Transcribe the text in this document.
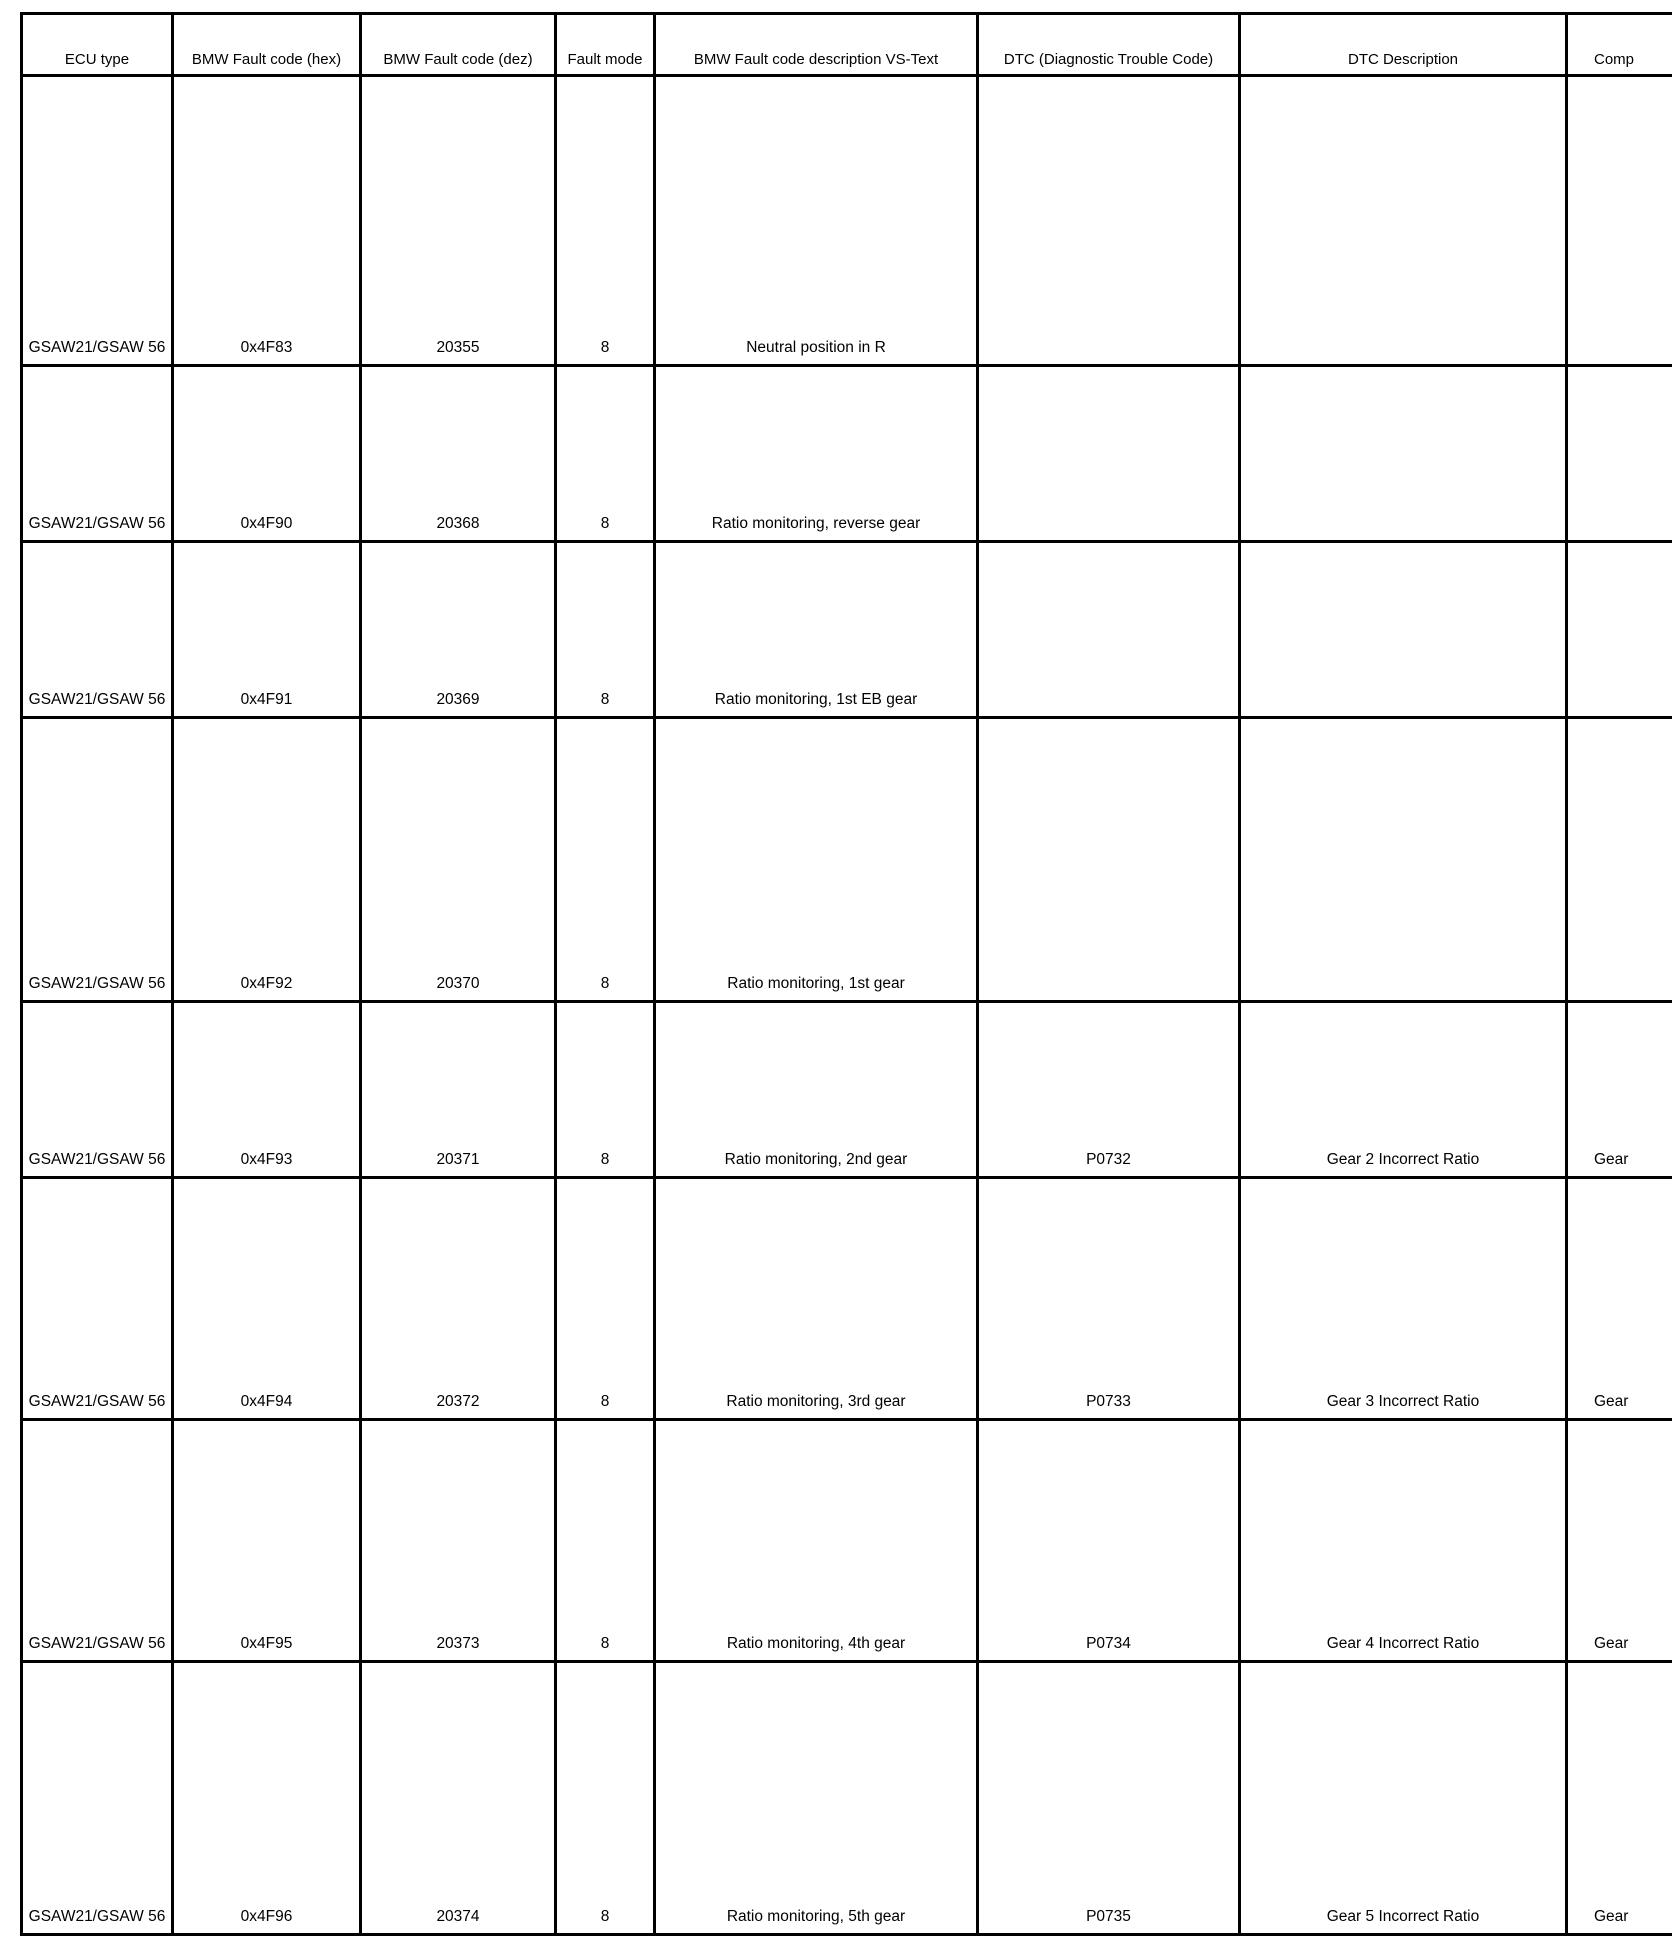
ECU type	BMW Fault code (hex)	BMW Fault code (dez)	Fault mode	BMW Fault code description VS-Text	DTC (Diagnostic Trouble Code)	DTC Description	Comp
GSAW21/GSAW 56	0x4F83	20355	8	Neutral position in R			
GSAW21/GSAW 56	0x4F90	20368	8	Ratio monitoring, reverse gear			
GSAW21/GSAW 56	0x4F91	20369	8	Ratio monitoring, 1st EB gear			
GSAW21/GSAW 56	0x4F92	20370	8	Ratio monitoring, 1st gear			
GSAW21/GSAW 56	0x4F93	20371	8	Ratio monitoring, 2nd gear	P0732	Gear 2 Incorrect Ratio	Gear
GSAW21/GSAW 56	0x4F94	20372	8	Ratio monitoring, 3rd gear	P0733	Gear 3 Incorrect Ratio	Gear
GSAW21/GSAW 56	0x4F95	20373	8	Ratio monitoring, 4th gear	P0734	Gear 4 Incorrect Ratio	Gear
GSAW21/GSAW 56	0x4F96	20374	8	Ratio monitoring, 5th gear	P0735	Gear 5 Incorrect Ratio	Gear
